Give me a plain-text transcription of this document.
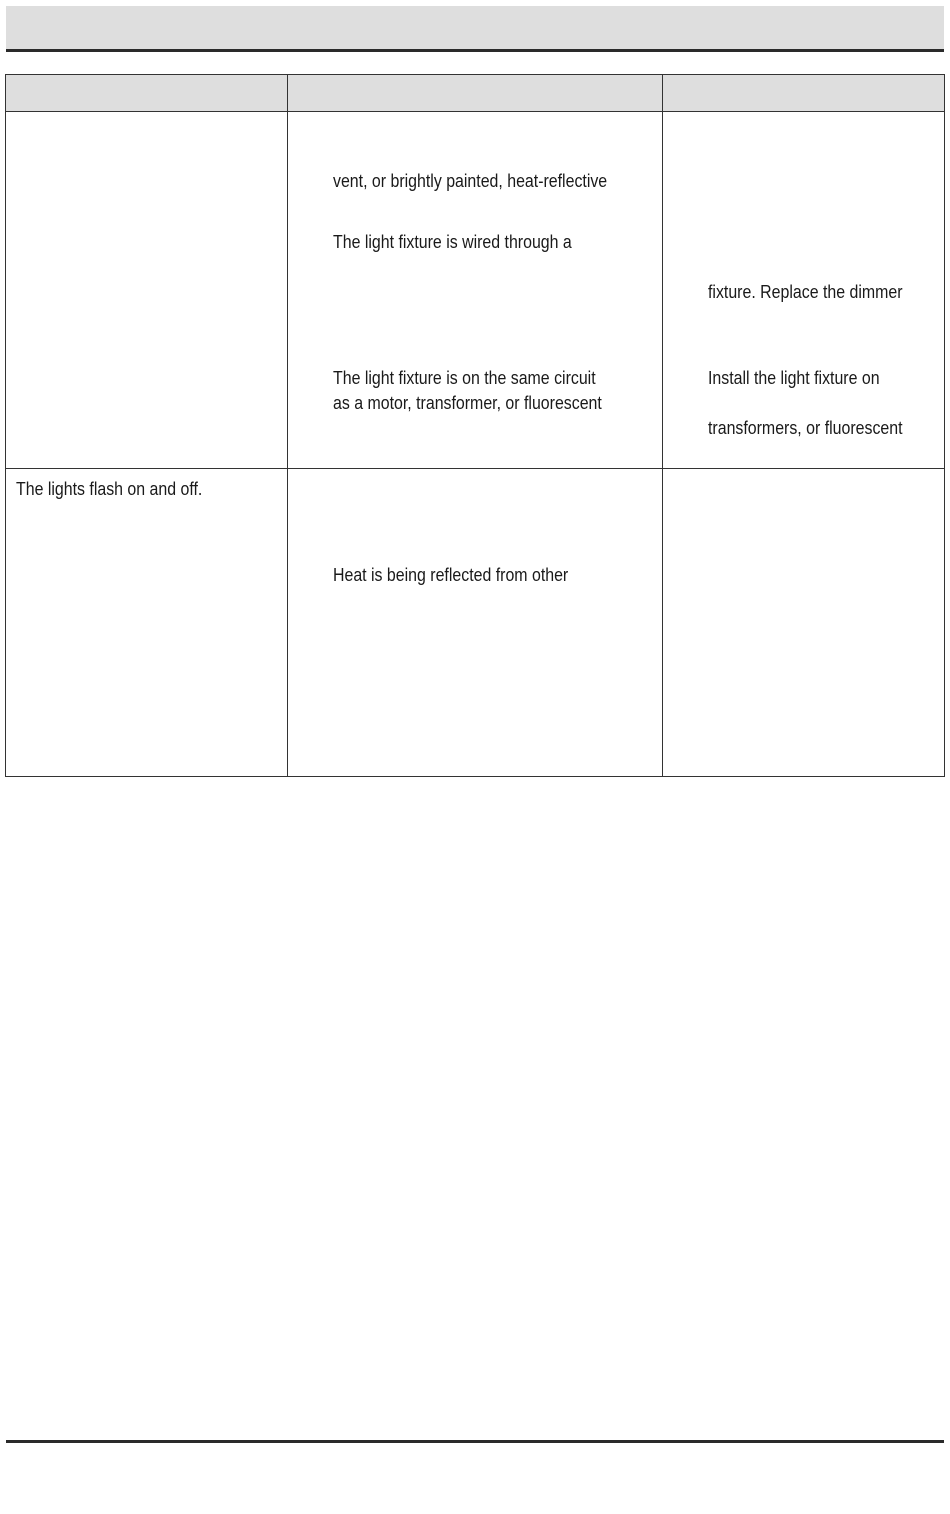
vent, or brightly painted, heat-reflective
The light fixture is wired through a
The light fixture is on the same circuit
as a motor, transformer, or fluorescent
fixture. Replace the dimmer
Install the light fixture on
transformers, or fluorescent
The lights flash on and off.
Heat is being reflected from other
